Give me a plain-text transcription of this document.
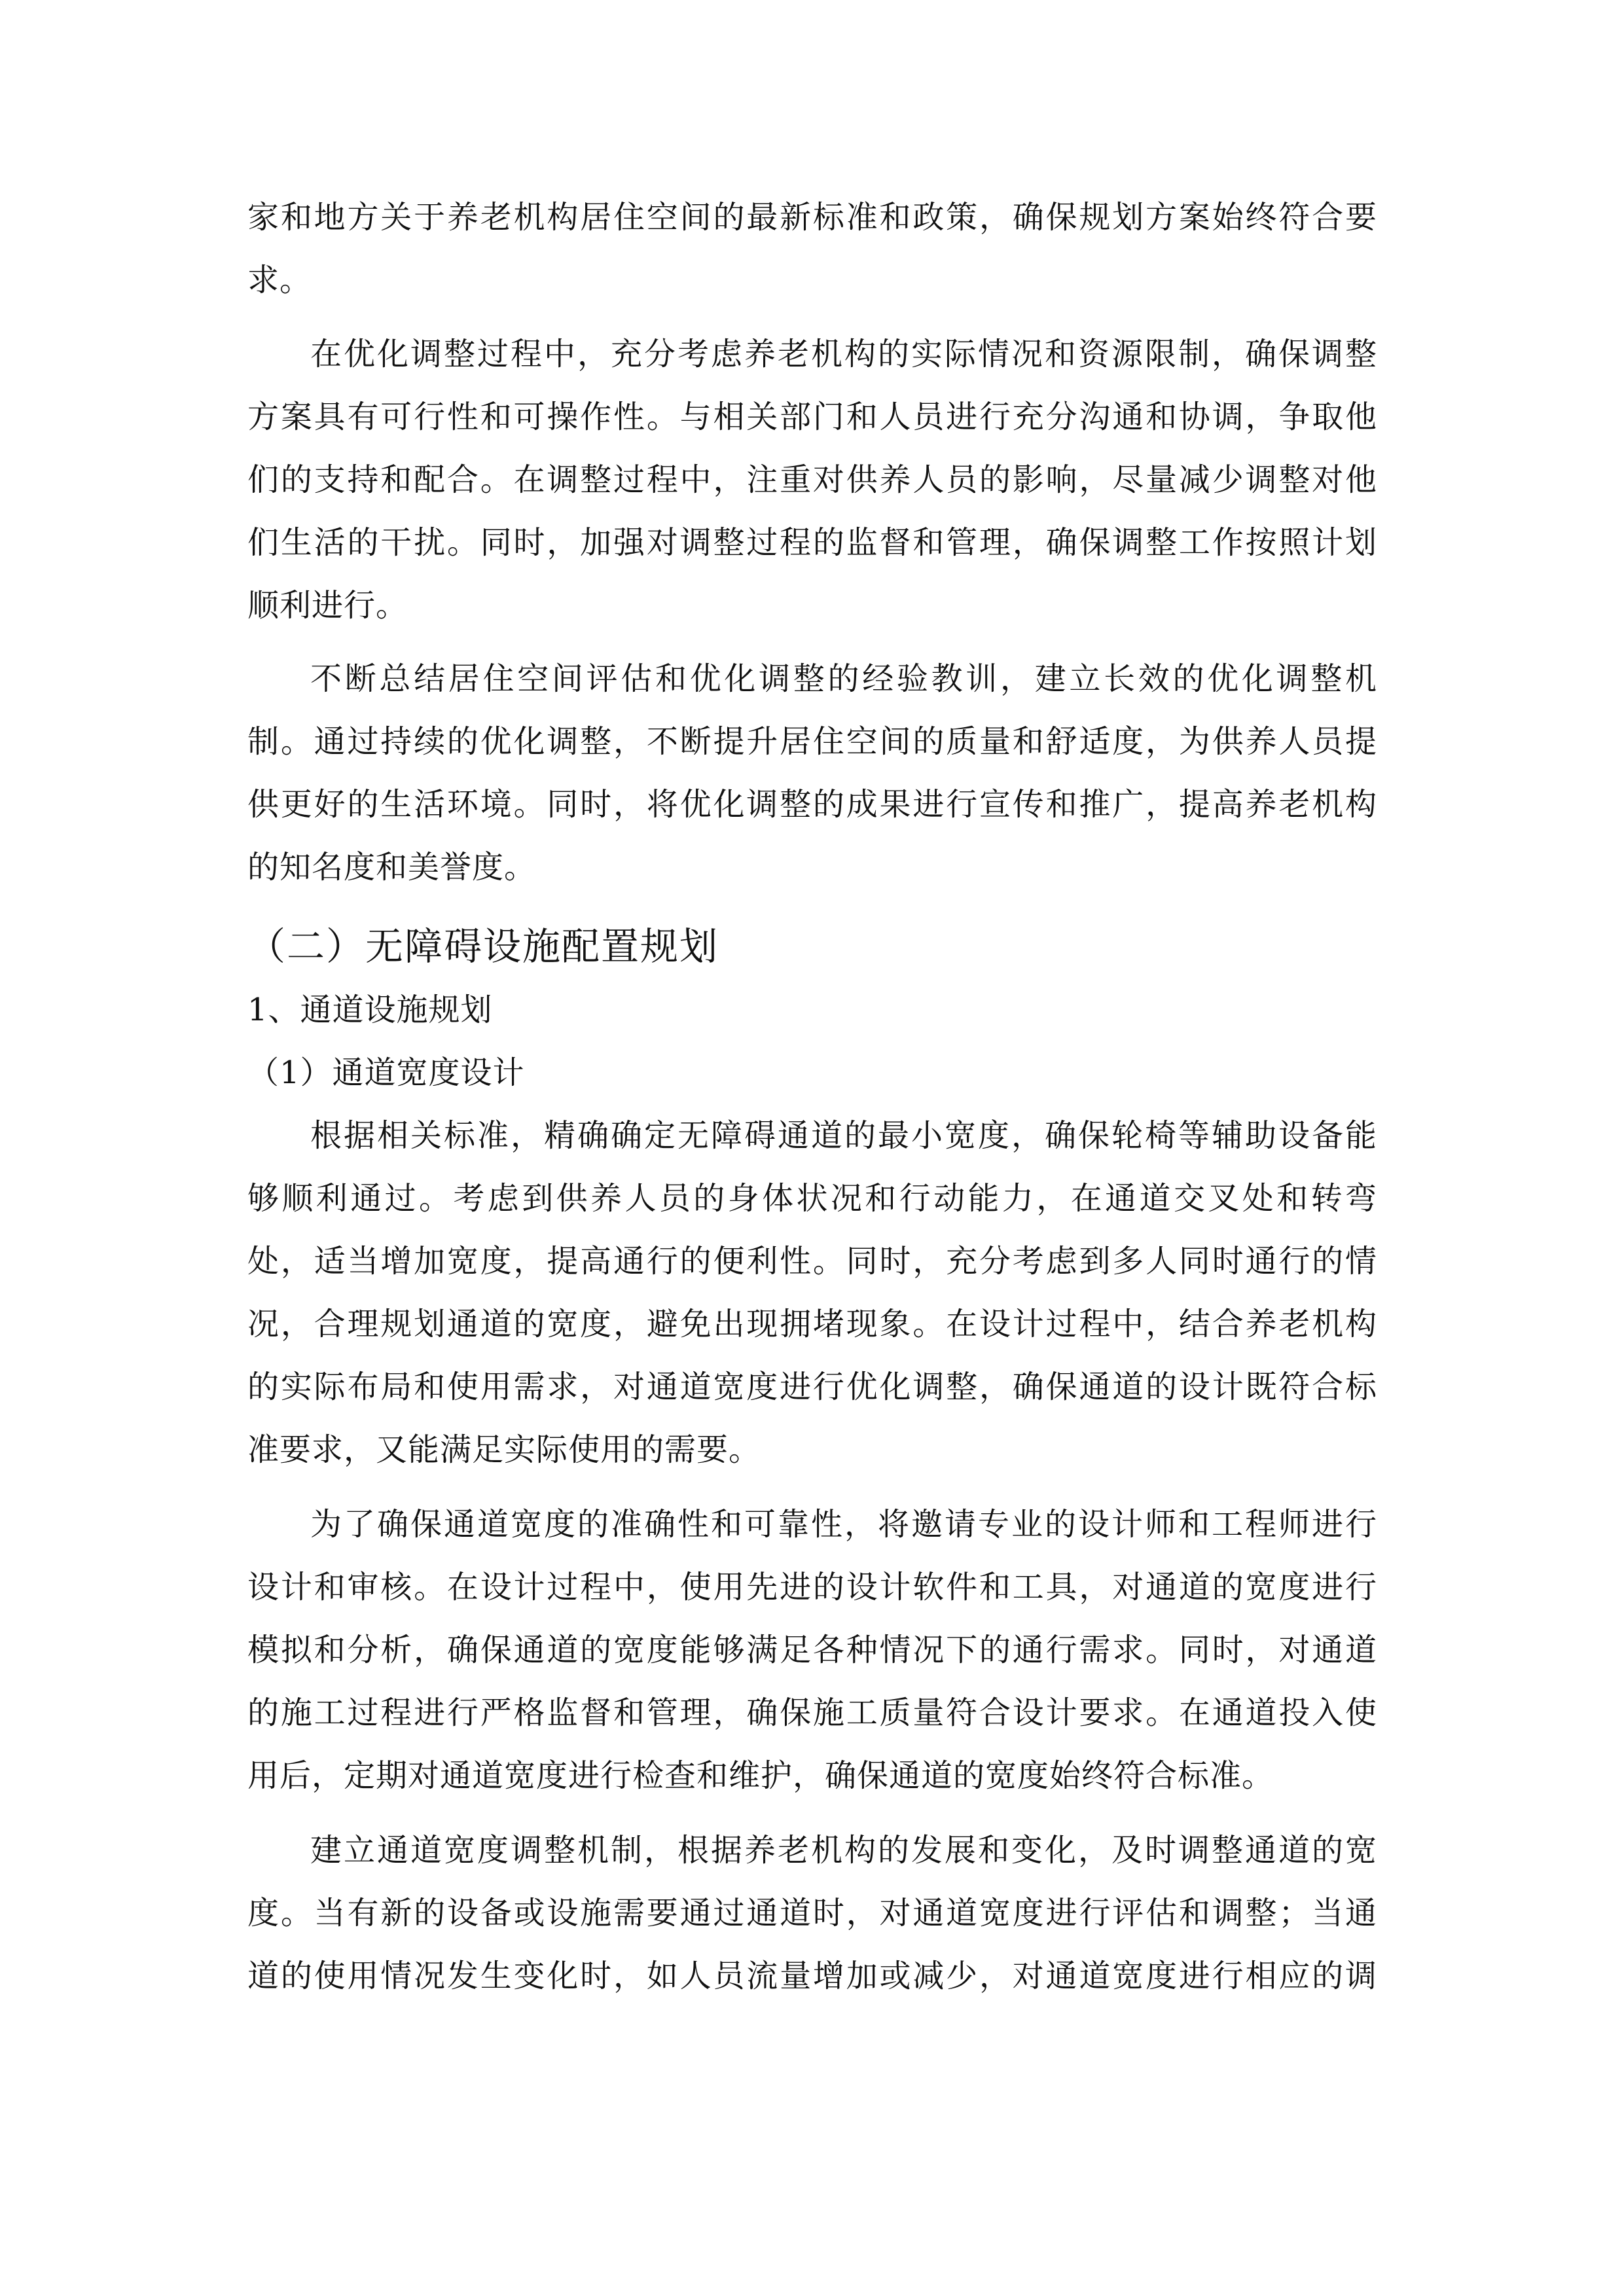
家和地方关于养老机构居住空间的最新标准和政策，确保规划方案始终符合要
求。
在优化调整过程中，充分考虑养老机构的实际情况和资源限制，确保调整
方案具有可行性和可操作性。与相关部门和人员进行充分沟通和协调，争取他
们的支持和配合。在调整过程中，注重对供养人员的影响，尽量减少调整对他
们生活的干扰。同时，加强对调整过程的监督和管理，确保调整工作按照计划
顺利进行。
不断总结居住空间评估和优化调整的经验教训，建立长效的优化调整机
制。通过持续的优化调整，不断提升居住空间的质量和舒适度，为供养人员提
供更好的生活环境。同时，将优化调整的成果进行宣传和推广，提高养老机构
的知名度和美誉度。
（二）无障碍设施配置规划
1、通道设施规划
（1）通道宽度设计
根据相关标准，精确确定无障碍通道的最小宽度，确保轮椅等辅助设备能
够顺利通过。考虑到供养人员的身体状况和行动能力，在通道交叉处和转弯
处，适当增加宽度，提高通行的便利性。同时，充分考虑到多人同时通行的情
况，合理规划通道的宽度，避免出现拥堵现象。在设计过程中，结合养老机构
的实际布局和使用需求，对通道宽度进行优化调整，确保通道的设计既符合标
准要求，又能满足实际使用的需要。
为了确保通道宽度的准确性和可靠性，将邀请专业的设计师和工程师进行
设计和审核。在设计过程中，使用先进的设计软件和工具，对通道的宽度进行
模拟和分析，确保通道的宽度能够满足各种情况下的通行需求。同时，对通道
的施工过程进行严格监督和管理，确保施工质量符合设计要求。在通道投入使
用后，定期对通道宽度进行检查和维护，确保通道的宽度始终符合标准。
建立通道宽度调整机制，根据养老机构的发展和变化，及时调整通道的宽
度。当有新的设备或设施需要通过通道时，对通道宽度进行评估和调整；当通
道的使用情况发生变化时，如人员流量增加或减少，对通道宽度进行相应的调
